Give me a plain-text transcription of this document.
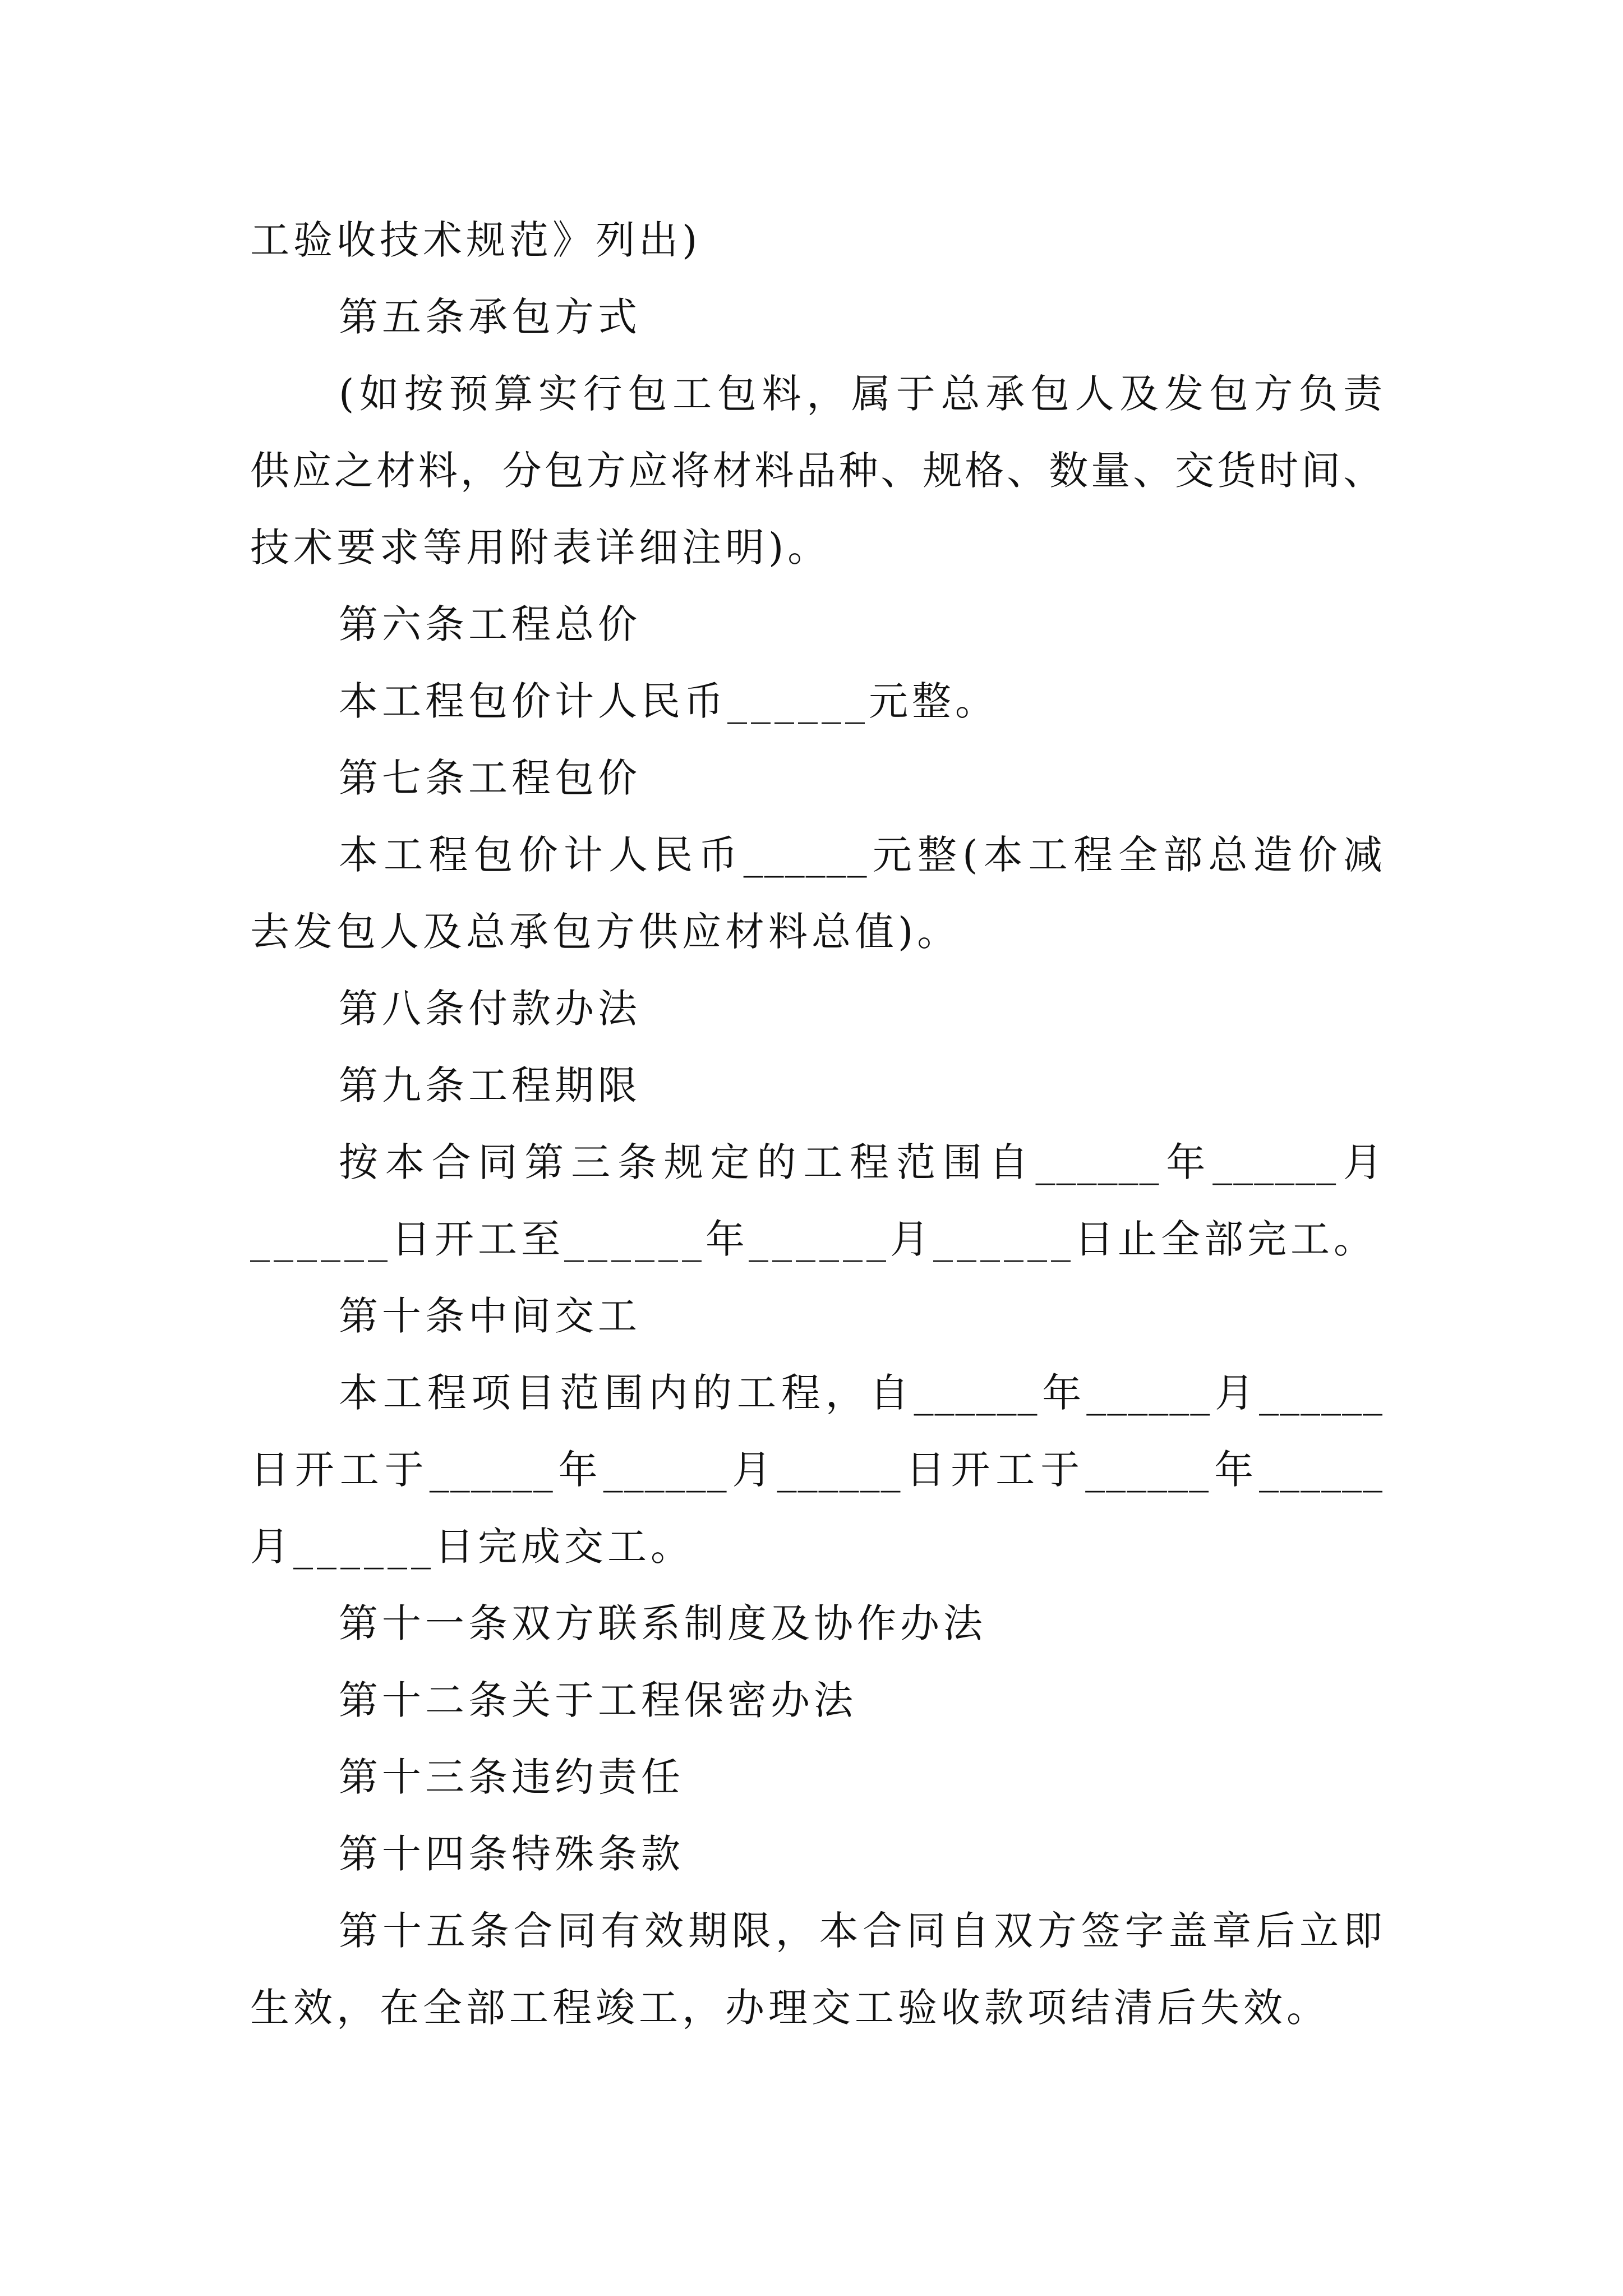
工验收技术规范》列出)
第五条承包方式
(如按预算实行包工包料，属于总承包人及发包方负责
供应之材料，分包方应将材料品种、规格、数量、交货时间、
技术要求等用附表详细注明)。
第六条工程总价
本工程包价计人民币______元整。
第七条工程包价
本工程包价计人民币______元整(本工程全部总造价减
去发包人及总承包方供应材料总值)。
第八条付款办法
第九条工程期限
按本合同第三条规定的工程范围自______年______月
______日开工至______年______月______日止全部完工。
第十条中间交工
本工程项目范围内的工程，自______年______月______
日开工于______年______月______日开工于______年______
月______日完成交工。
第十一条双方联系制度及协作办法
第十二条关于工程保密办法
第十三条违约责任
第十四条特殊条款
第十五条合同有效期限，本合同自双方签字盖章后立即
生效，在全部工程竣工，办理交工验收款项结清后失效。
